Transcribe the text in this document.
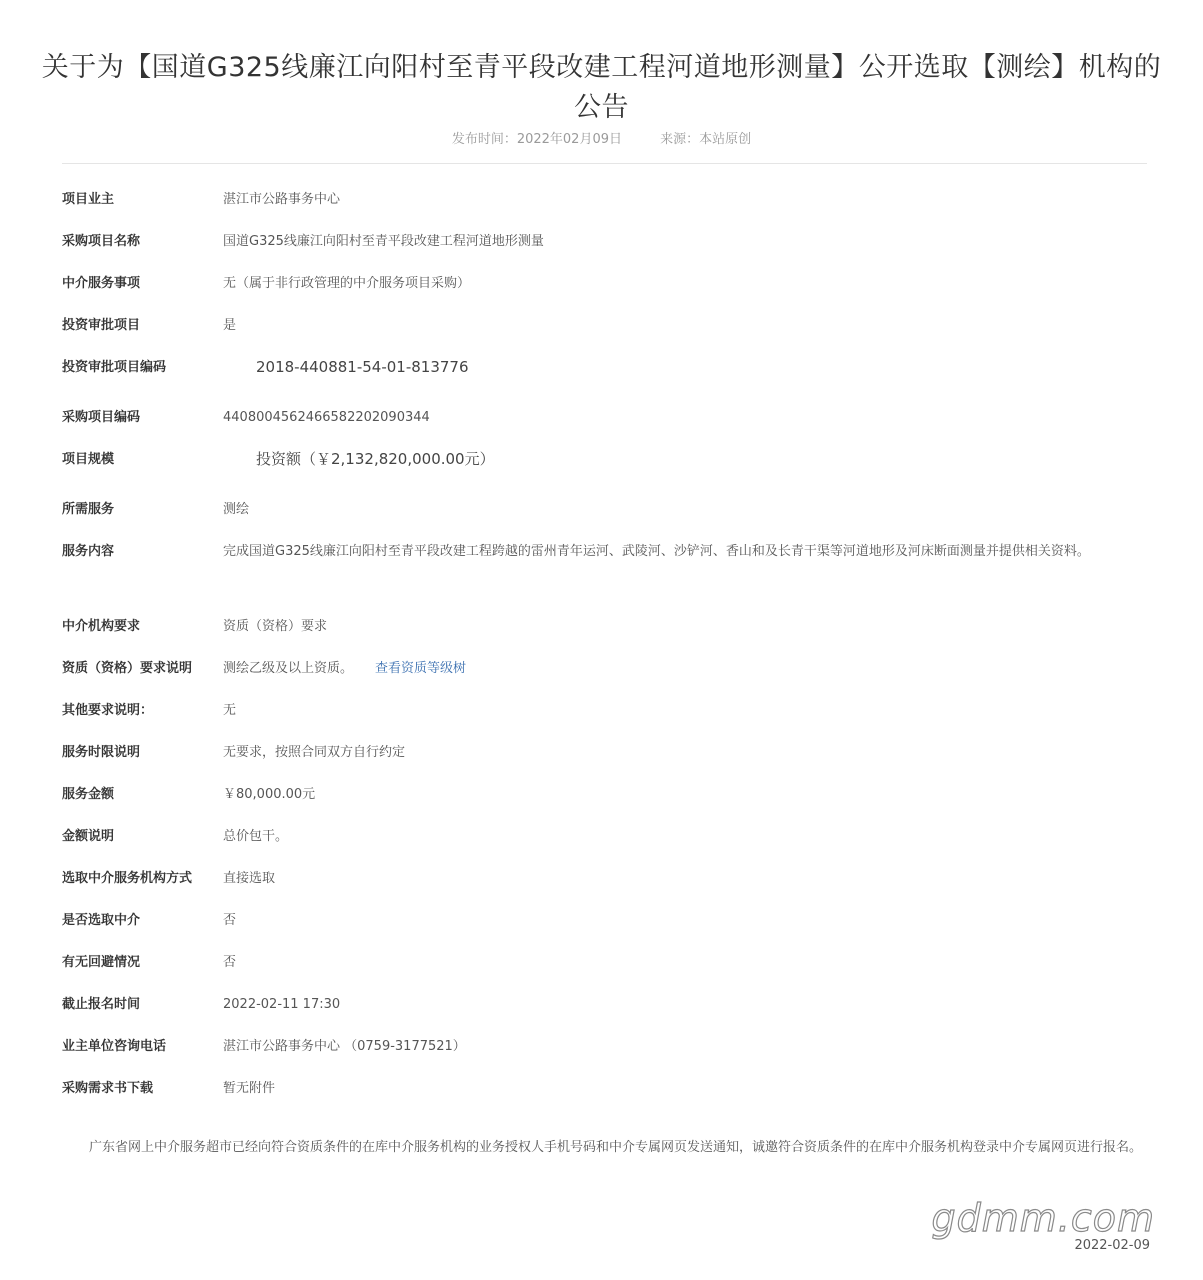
关于为【国道G325线廉江向阳村至青平段改建工程河道地形测量】公开选取【测绘】机构的公告
发布时间：2022年02月09日	来源：本站原创
项目业主	湛江市公路事务中心
采购项目名称	国道G325线廉江向阳村至青平段改建工程河道地形测量
中介服务事项	无（属于非行政管理的中介服务项目采购）
投资审批项目	是
投资审批项目编码	2018-440881-54-01-813776
采购项目编码	440800456246658220209034​4
项目规模	投资额（￥2,132,820,000.00元）
所需服务	测绘
服务内容	完成国道G325线廉江向阳村至青平段改建工程跨越的雷州青年运河、武陵河、沙铲河、香山和及长青干渠等河道地形及河床断面测量并提供相关资料。
中介机构要求	资质（资格）要求
资质（资格）要求说明	测绘乙级及以上资质。 查看资质等级树
其他要求说明：	无
服务时限说明	无要求，按照合同双方自行约定
服务金额	￥80,000.00元
金额说明	总价包干。
选取中介服务机构方式	直接选取
是否选取中介	否
有无回避情况	否
截止报名时间	2022-02-11 17:30
业主单位咨询电话	湛江市公路事务中心 （0759-3177521）
采购需求书下载	暂无附件

广东省网上中介服务超市已经向符合资质条件的在库中介服务机构的业务授权人手机号码和中介专属网页发送通知，诚邀符合资质条件的在库中介服务机构登录中介专属网页进行报名。

gdmm.com
2022-02-09
